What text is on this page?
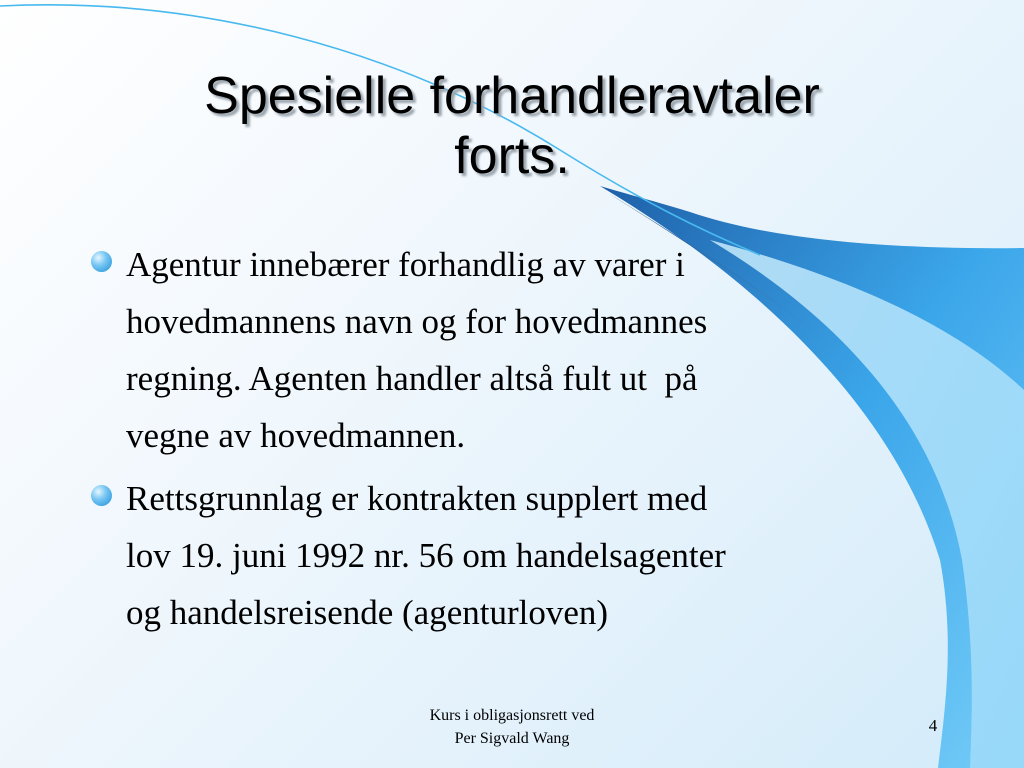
Spesielle forhandleravtaler
forts.
Agentur innebærer forhandlig av varer i
hovedmannens navn og for hovedmannes
regning. Agenten handler altså fult ut  på
vegne av hovedmannen.
Rettsgrunnlag er kontrakten supplert med
lov 19. juni 1992 nr. 56 om handelsagenter
og handelsreisende (agenturloven)
Kurs i obligasjonsrett ved
Per Sigvald Wang
4
